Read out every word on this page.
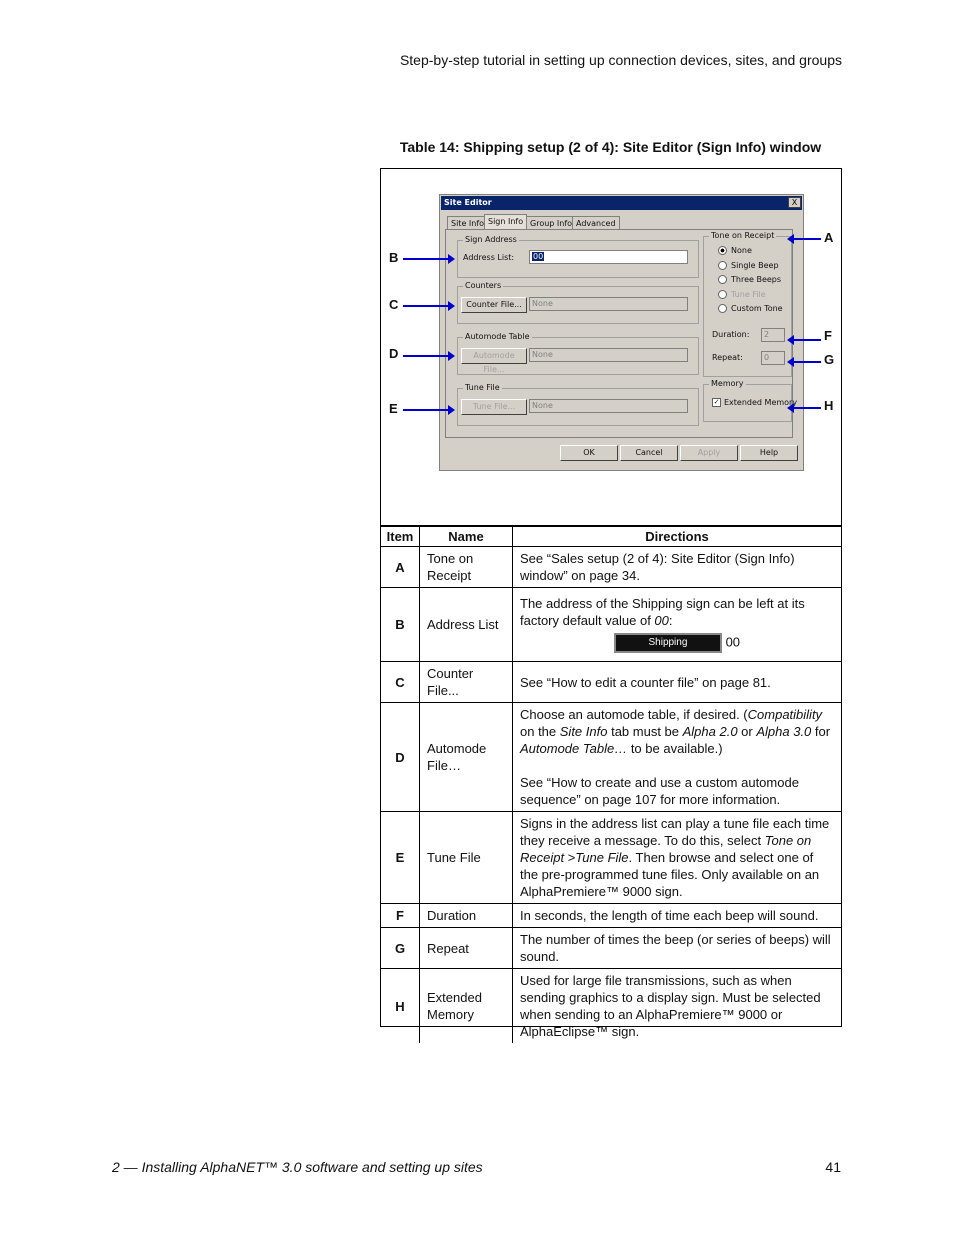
Step-by-step tutorial in setting up connection devices, sites, and groups
Table 14: Shipping setup (2 of 4): Site Editor (Sign Info) window
Site Editor	X
Site Info Sign Info Group Info Advanced
Sign Address
Address List:	00
Counters
Counter File...	None
Automode Table
Automode File...
None
Tune File
Tune File...	None
Tone on Receipt
None
Single Beep
Three Beeps
Tune File
Custom Tone
Duration:	2
Repeat:	0
Memory
✓ Extended Memory
OK	Cancel	Apply	Help
A
F
G
H
B
C
D
E
Item	Name	Directions
A	Tone on Receipt	See “Sales setup (2 of 4): Site Editor (Sign Info) window” on page 34.
B	Address List	The address of the Shipping sign can be left at its factory default value of 00:
Shipping 00

C	Counter File...	See “How to edit a counter file” on page 81.
D	Automode File…	Choose an automode table, if desired. (Compatibility on the Site Info tab must be Alpha 2.0 or Alpha 3.0 for Automode Table… to be available.)
See “How to create and use a custom automode sequence” on page 107 for more information.

E	Tune File	Signs in the address list can play a tune file each time they receive a message. To do this, select Tone on Receipt >Tune File. Then browse and select one of the pre-programmed tune files. Only available on an AlphaPremiere™ 9000 sign.
F	Duration	In seconds, the length of time each beep will sound.
G	Repeat	The number of times the beep (or series of beeps) will sound.
H	Extended Memory	Used for large file transmissions, such as when sending graphics to a display sign. Must be selected when sending to an AlphaPremiere™ 9000 or AlphaEclipse™ sign.
2 — Installing AlphaNET™ 3.0 software and setting up sites	41
